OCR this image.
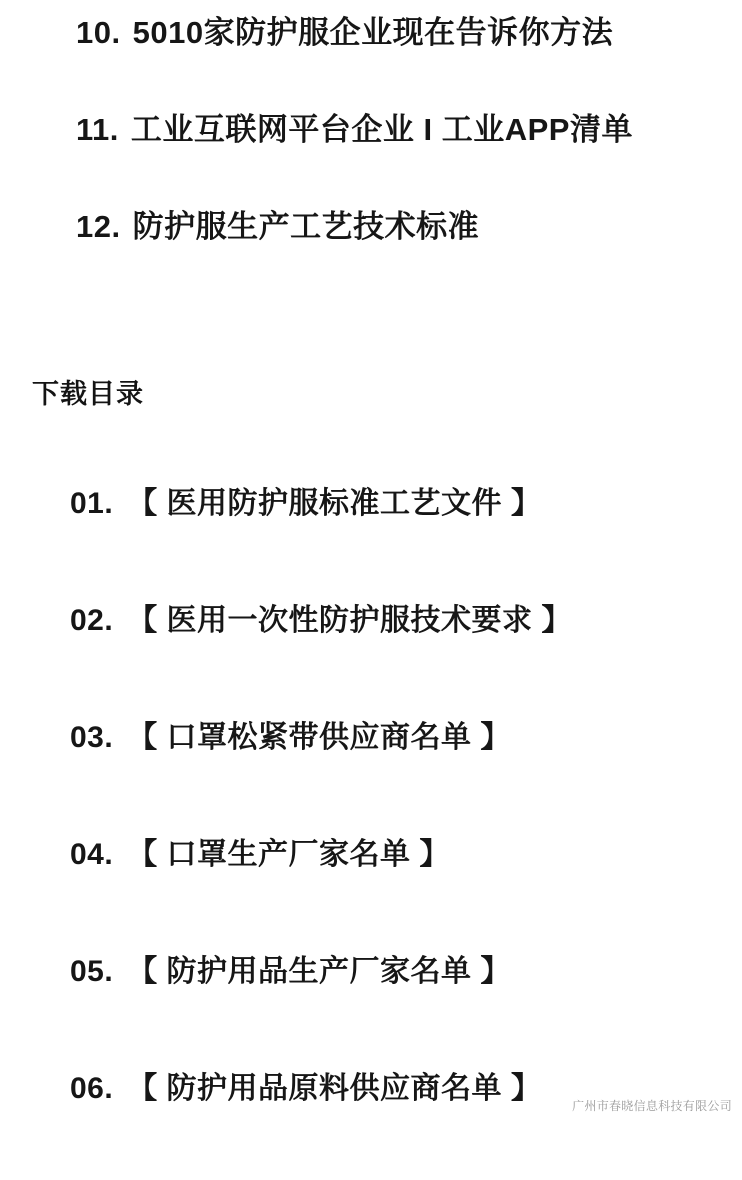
10. 5010家防护服企业现在告诉你方法
11. 工业互联网平台企业 I 工业APP清单
12. 防护服生产工艺技术标准
下载目录
01. 【 医用防护服标准工艺文件 】
02. 【 医用一次性防护服技术要求 】
03. 【 口罩松紧带供应商名单 】
04. 【 口罩生产厂家名单 】
05. 【 防护用品生产厂家名单 】
06. 【 防护用品原料供应商名单 】
广州市春晓信息科技有限公司
